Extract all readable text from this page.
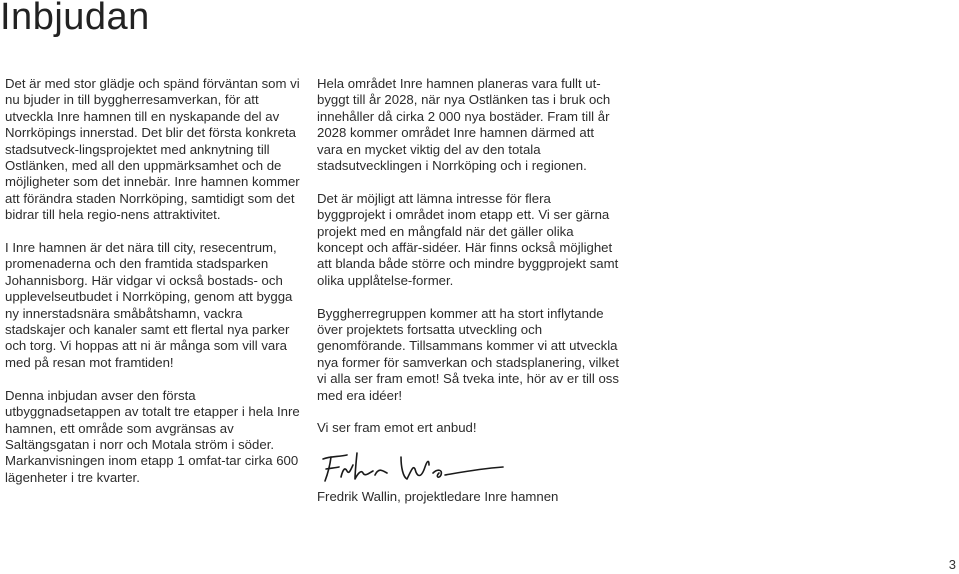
Inbjudan

Det är med stor glädje och spänd förväntan som vi nu bjuder in till byggherresamverkan, för att utveckla Inre hamnen till en nyskapande del av Norrköpings innerstad. Det blir det första konkreta stadsutveck-lingsprojektet med anknytning till Ostlänken, med all den uppmärksamhet och de möjligheter som det innebär. Inre hamnen kommer att förändra staden Norrköping, samtidigt som det bidrar till hela regio-nens attraktivitet.

I Inre hamnen är det nära till city, resecentrum, promenaderna och den framtida stadsparken Johannisborg. Här vidgar vi också bostads- och upplevelseutbudet i Norrköping, genom att bygga ny innerstadsnära småbåtshamn, vackra stadskajer och kanaler samt ett flertal nya parker och torg. Vi hoppas att ni är många som vill vara med på resan mot framtiden!

Denna inbjudan avser den första utbyggnadsetappen av totalt tre etapper i hela Inre hamnen, ett område som avgränsas av Saltängsgatan i norr och Motala ström i söder. Markanvisningen inom etapp 1 omfat-tar cirka 600 lägenheter i tre kvarter.

Hela området Inre hamnen planeras vara fullt ut-byggt till år 2028, när nya Ostlänken tas i bruk och innehåller då cirka 2 000 nya bostäder. Fram till år 2028 kommer området Inre hamnen därmed att vara en mycket viktig del av den totala stadsutvecklingen i Norrköping och i regionen.

Det är möjligt att lämna intresse för flera byggprojekt i området inom etapp ett. Vi ser gärna projekt med en mångfald när det gäller olika koncept och affär-sidéer. Här finns också möjlighet att blanda både större och mindre byggprojekt samt olika upplåtelse-former.

Byggherregruppen kommer att ha stort inflytande över projektets fortsatta utveckling och genomförande. Tillsammans kommer vi att utveckla nya former för samverkan och stadsplanering, vilket vi alla ser fram emot! Så tveka inte, hör av er till oss med era idéer!

Vi ser fram emot ert anbud!

Fredrik Wallin, projektledare Inre hamnen

3
